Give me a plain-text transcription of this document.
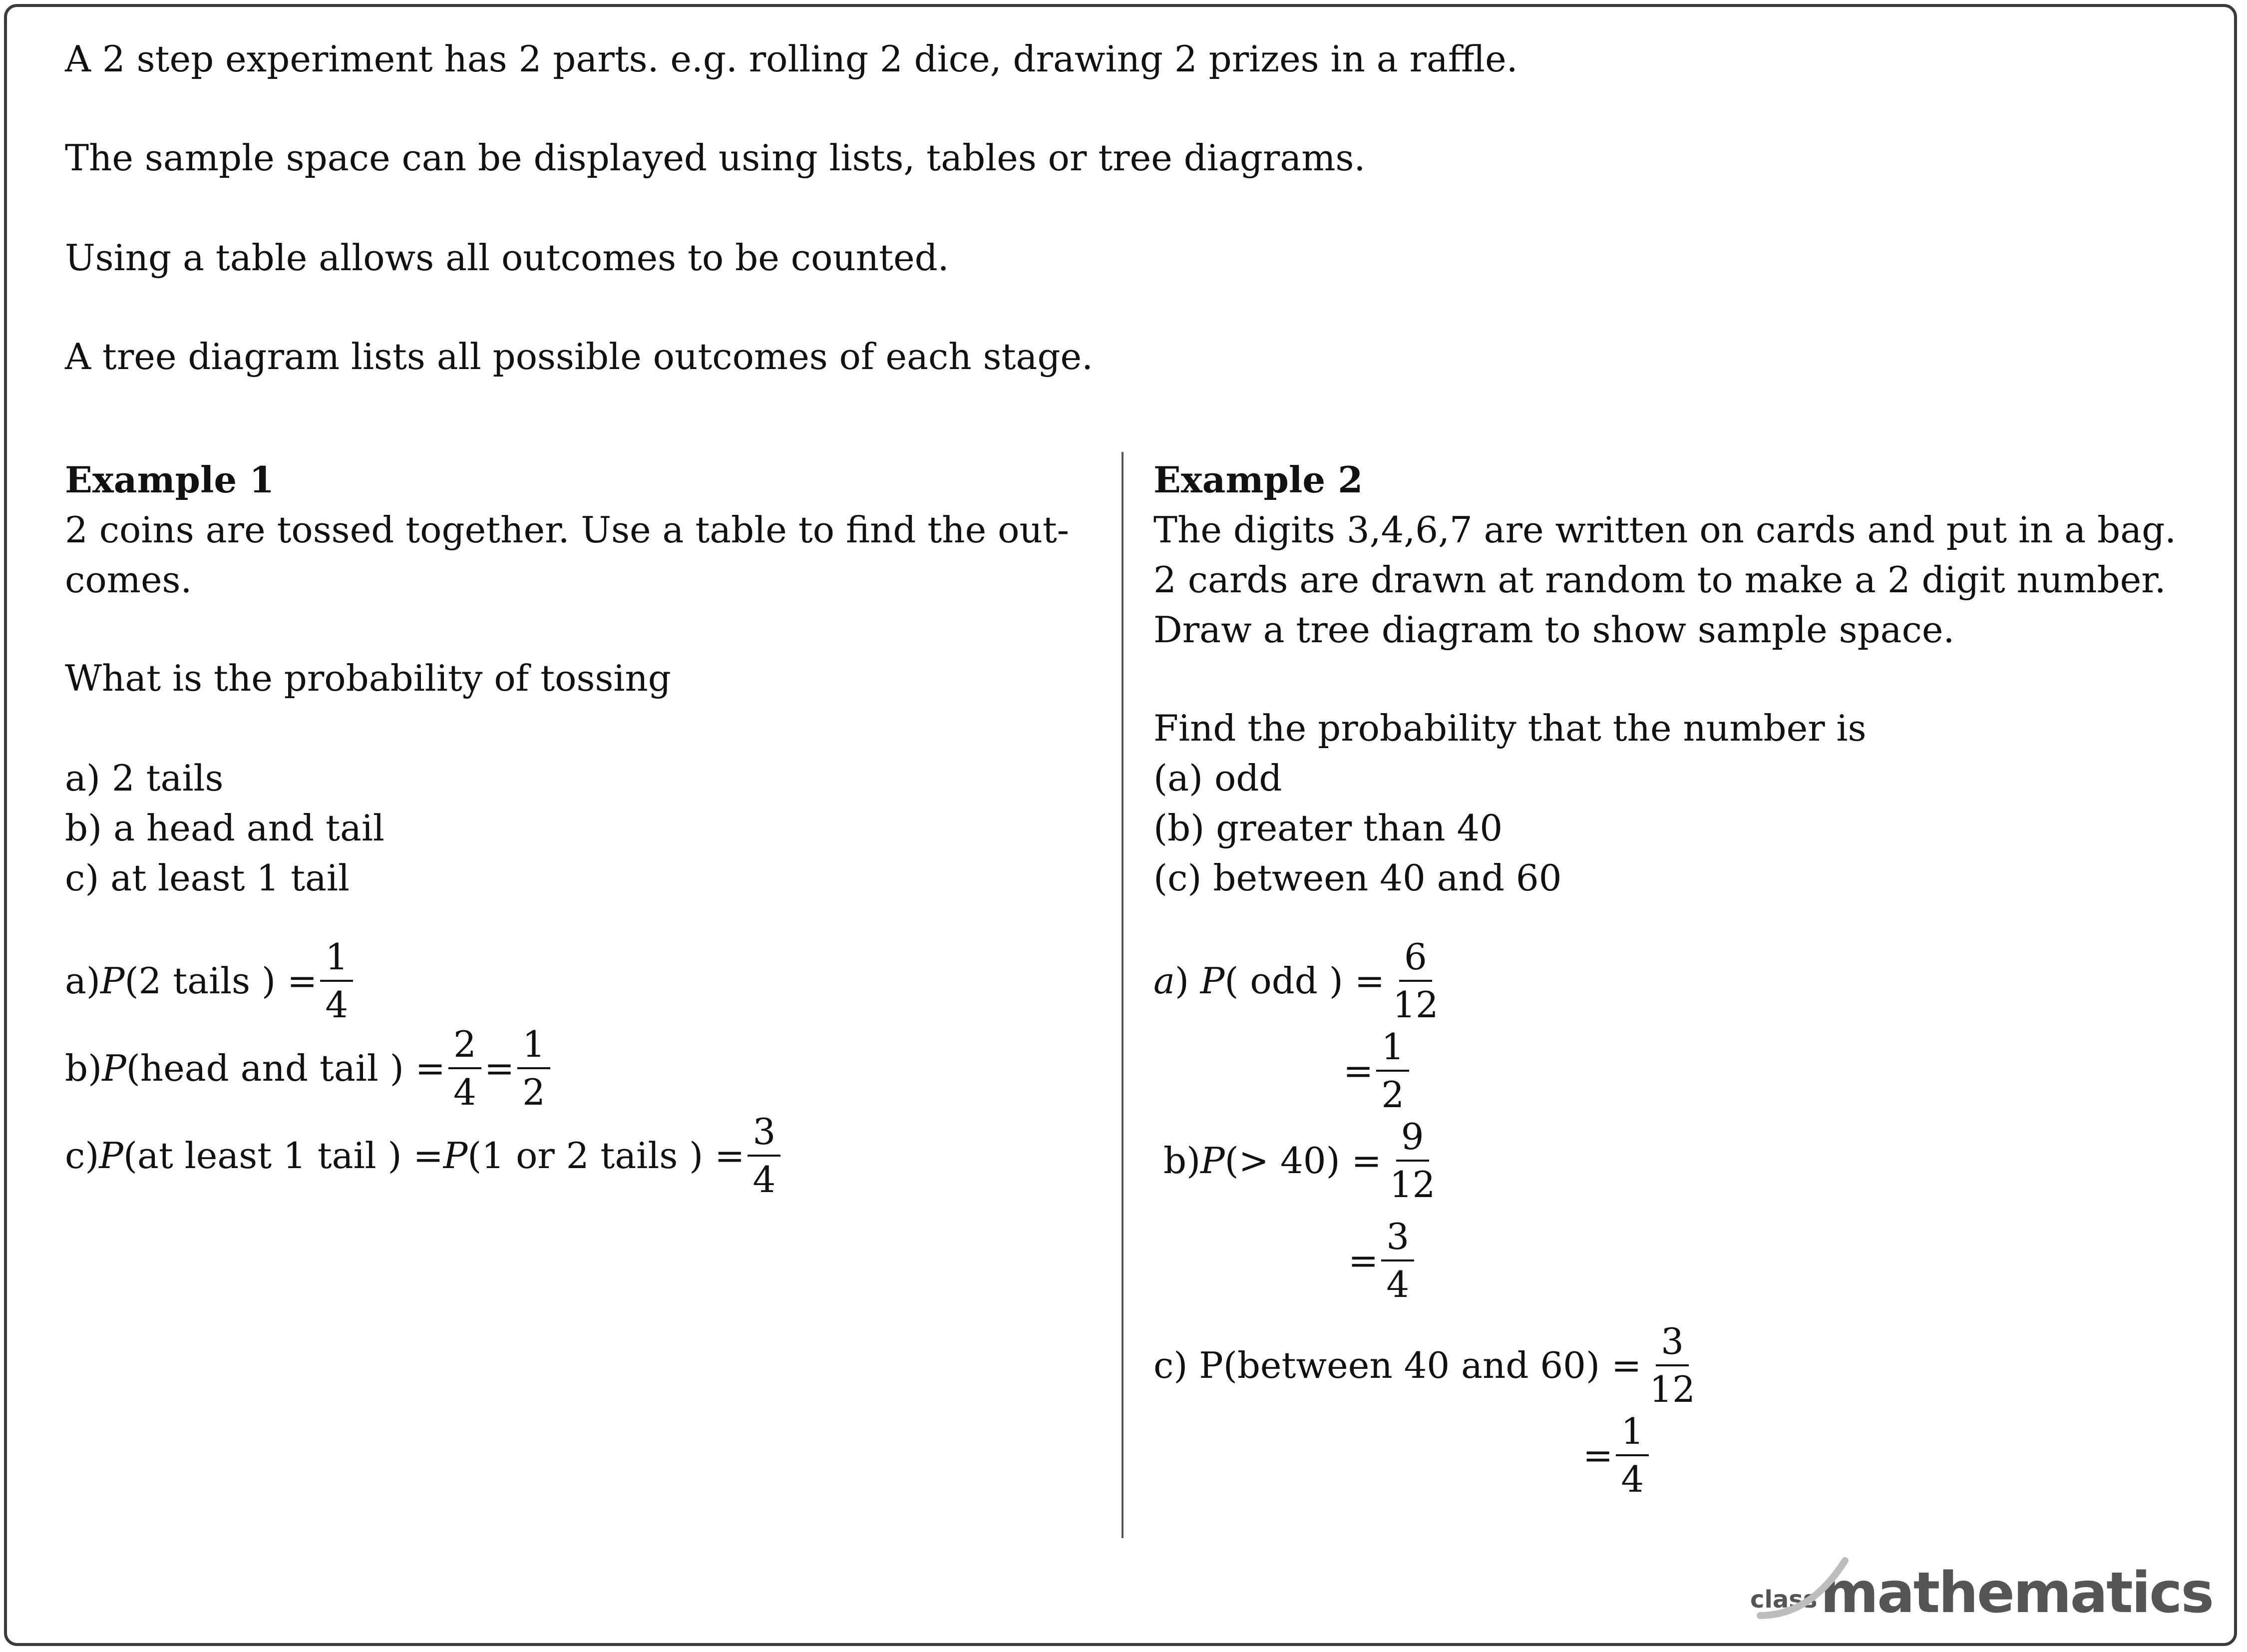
A 2 step experiment has 2 parts. e.g. rolling 2 dice, drawing 2 prizes in a raffle.
The sample space can be displayed using lists, tables or tree diagrams.
Using a table allows all outcomes to be counted.
A tree diagram lists all possible outcomes of each stage.
Example 1
2 coins are tossed together. Use a table to find the out-
comes.
What is the probability of tossing
a) 2 tails
b) a head and tail
c) at least 1 tail
a) P (2 tails ) = $\frac{1}{4}$
b) P (head and tail ) = $\frac{2}{4} = \frac{1}{2}$
c) P (at least 1 tail ) = P (1 or 2 tails ) = $\frac{3}{4}$
Example 2
The digits 3,4,6,7 are written on cards and put in a bag.
2 cards are drawn at random to make a 2 digit number.
Draw a tree diagram to show sample space.
Find the probability that the number is
(a) odd
(b) greater than 40
(c) between 40 and 60
a ) P ( odd ) = $\frac{6}{12}$
= $\frac{1}{2}$
b) P (> $40) = \frac{9}{12}$
= $\frac{3}{4}$
c) P(between 40 and $60) = \frac{3}{12}$
= $\frac{1}{4}$
class mathematics
